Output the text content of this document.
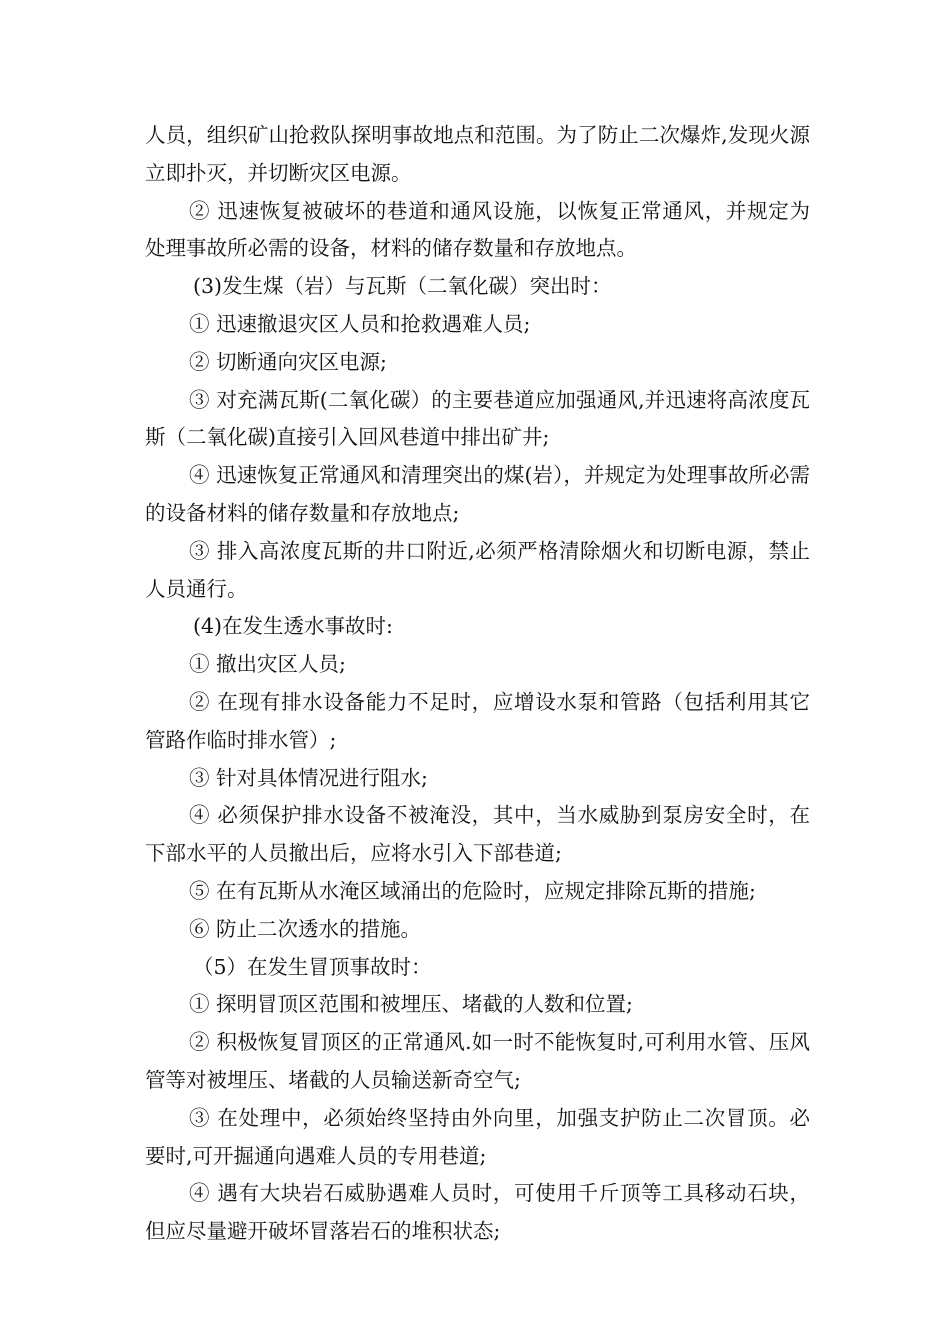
人员，组织矿山抢救队探明事故地点和范围。为了防止二次爆炸,发现火源立即扑灭，并切断灾区电源。

② 迅速恢复被破坏的巷道和通风设施，以恢复正常通风，并规定为处理事故所必需的设备，材料的储存数量和存放地点。

(3)发生煤（岩）与瓦斯（二氧化碳）突出时：

① 迅速撤退灾区人员和抢救遇难人员;

② 切断通向灾区电源;

③ 对充满瓦斯(二氧化碳）的主要巷道应加强通风,并迅速将高浓度瓦斯（二氧化碳)直接引入回风巷道中排出矿井;

④ 迅速恢复正常通风和清理突出的煤(岩），并规定为处理事故所必需的设备材料的储存数量和存放地点;

③ 排入高浓度瓦斯的井口附近,必须严格清除烟火和切断电源，禁止人员通行。

(4)在发生透水事故时:

① 撤出灾区人员;

② 在现有排水设备能力不足时，应增设水泵和管路（包括利用其它管路作临时排水管）;

③ 针对具体情况进行阻水;

④ 必须保护排水设备不被淹没，其中，当水威胁到泵房安全时，在下部水平的人员撤出后，应将水引入下部巷道;

⑤ 在有瓦斯从水淹区域涌出的危险时，应规定排除瓦斯的措施;

⑥ 防止二次透水的措施。

（5）在发生冒顶事故时：

① 探明冒顶区范围和被埋压、堵截的人数和位置;

② 积极恢复冒顶区的正常通风.如一时不能恢复时,可利用水管、压风管等对被埋压、堵截的人员输送新奇空气;

③ 在处理中，必须始终坚持由外向里，加强支护防止二次冒顶。必要时,可开掘通向遇难人员的专用巷道;

④ 遇有大块岩石威胁遇难人员时，可使用千斤顶等工具移动石块，但应尽量避开破坏冒落岩石的堆积状态;
